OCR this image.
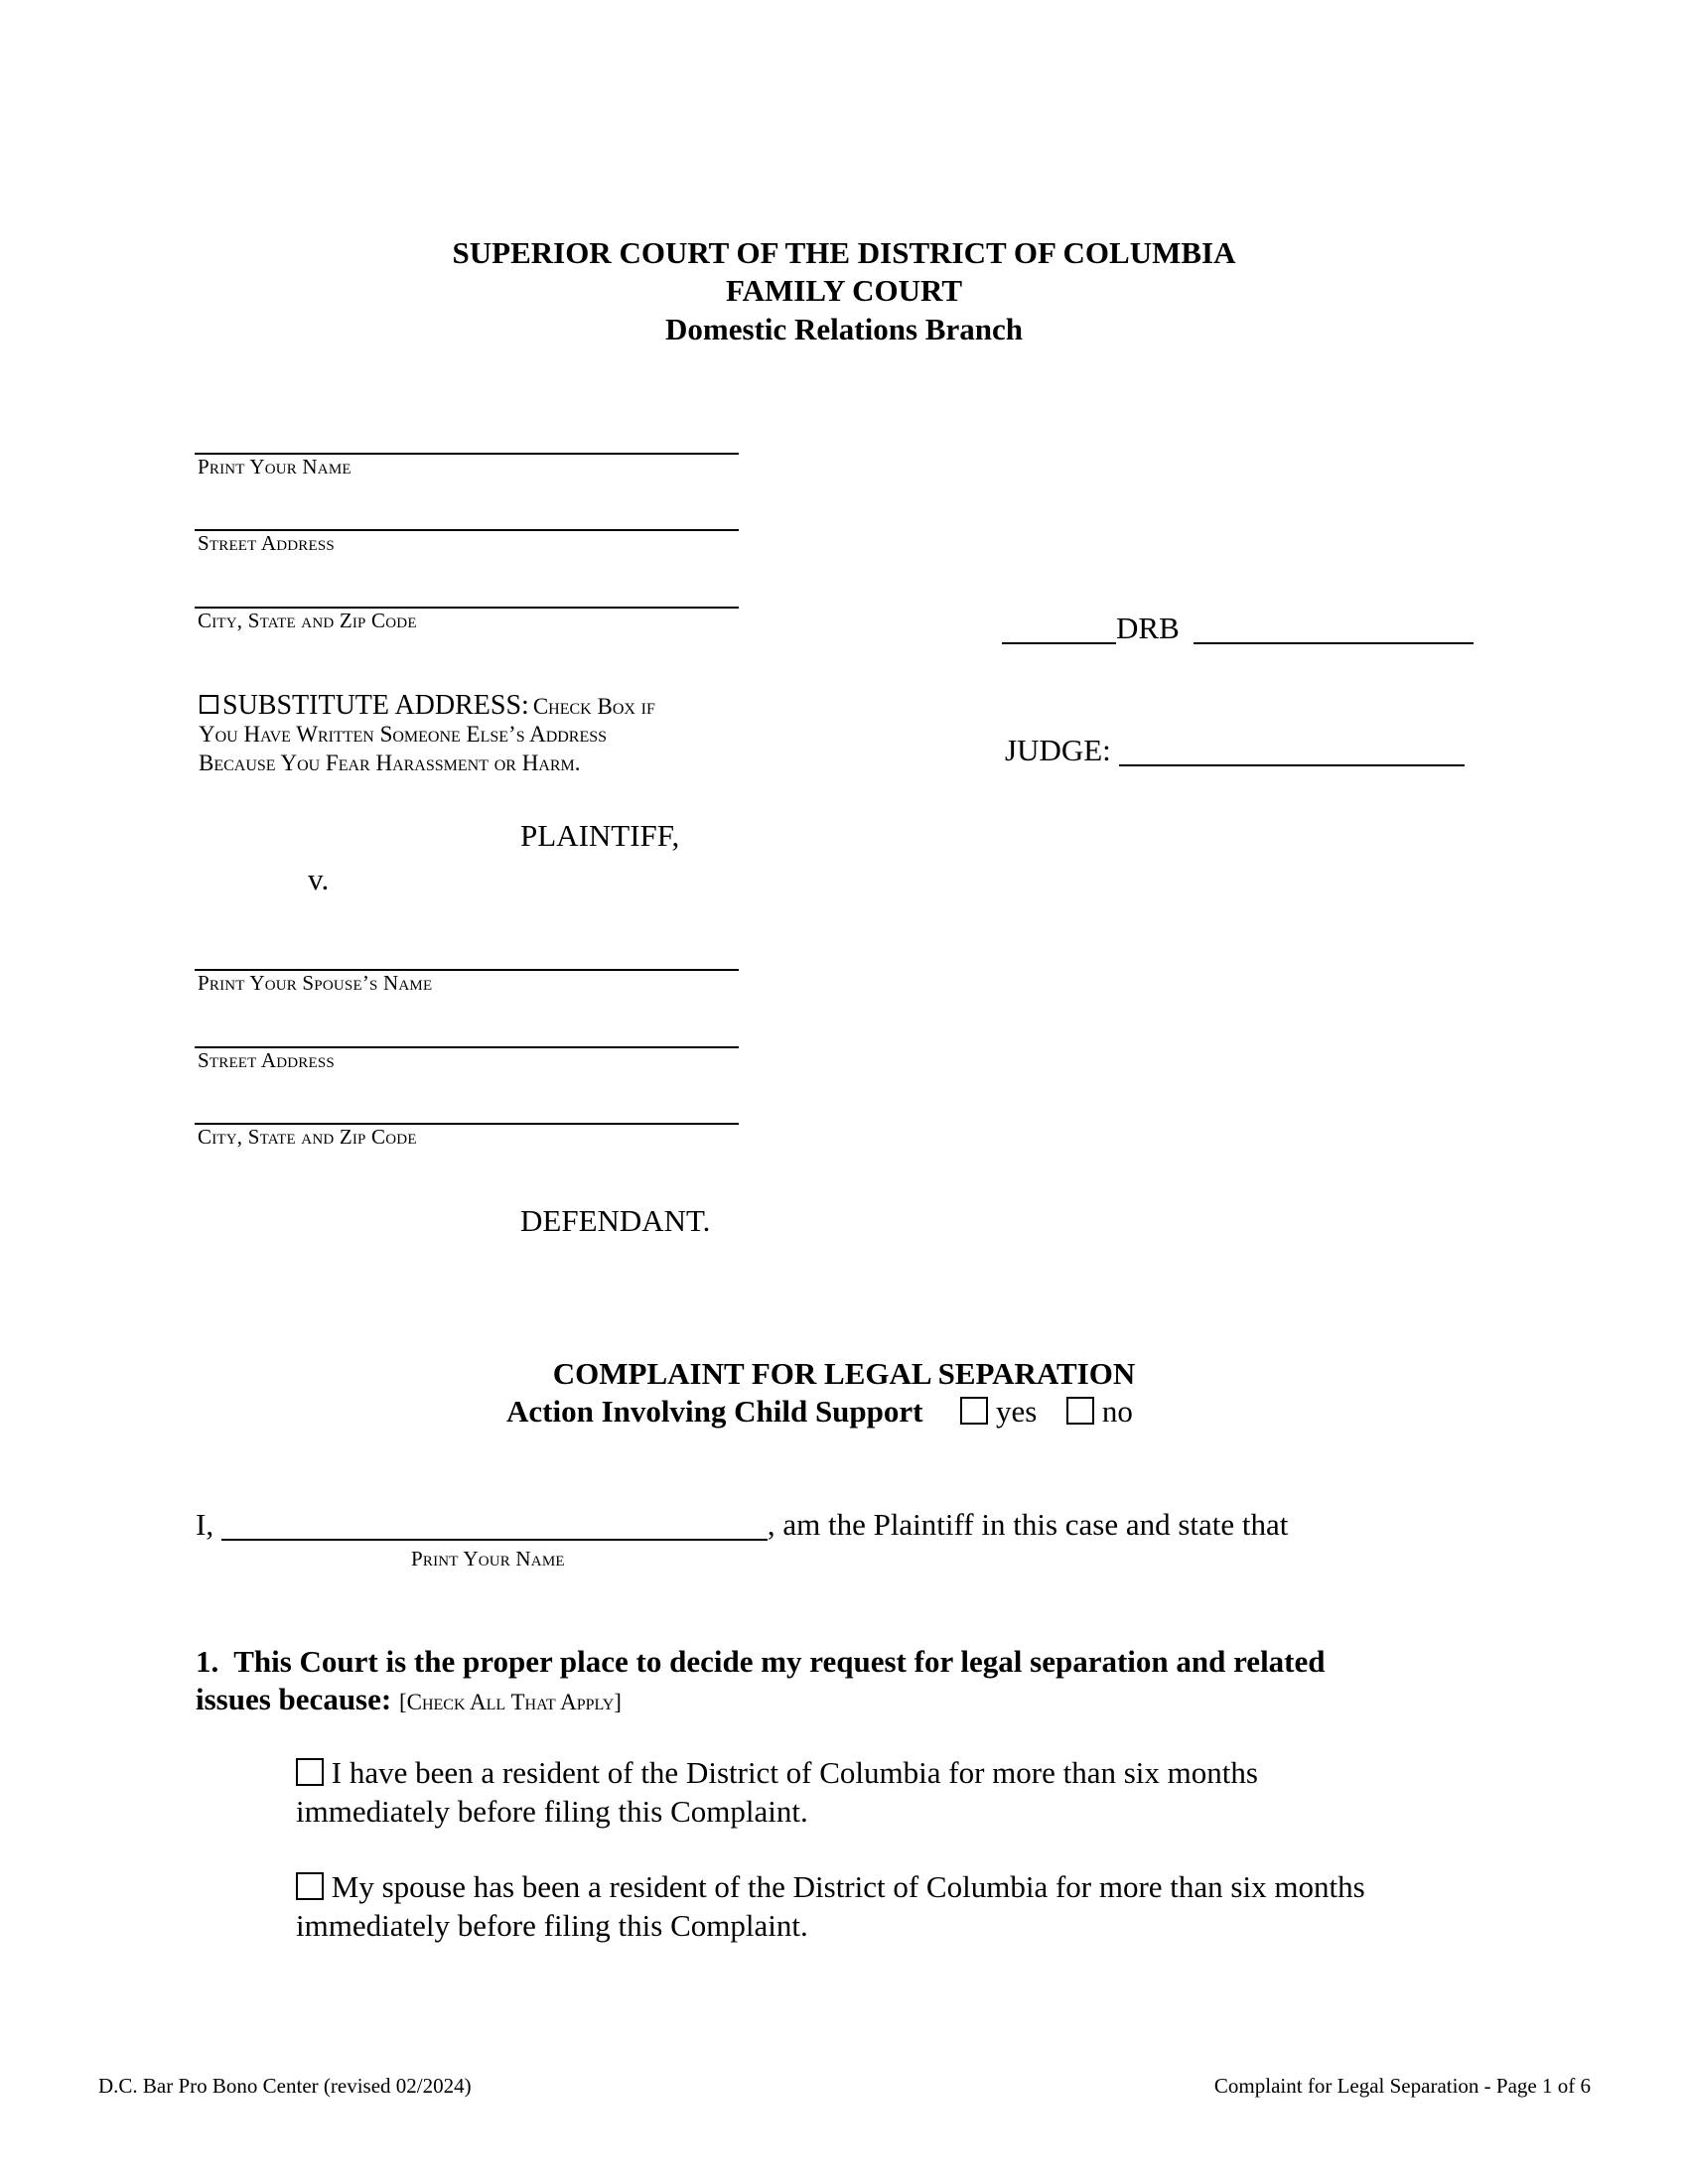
SUPERIOR COURT OF THE DISTRICT OF COLUMBIA
FAMILY COURT
Domestic Relations Branch
Print Your Name
Street Address
City, State and Zip Code
SUBSTITUTE ADDRESS: Check Box if
You Have Written Someone Else’s Address
Because You Fear Harassment or Harm.
PLAINTIFF,
v.
Print Your Spouse’s Name
Street Address
City, State and Zip Code
DEFENDANT.
DRB
JUDGE:
COMPLAINT FOR LEGAL SEPARATION
Action Involving Child Support yes no
I,	, am the Plaintiff in this case and state that
Print Your Name
1. This Court is the proper place to decide my request for legal separation and related
issues because: [Check All That Apply]
I have been a resident of the District of Columbia for more than six months
immediately before filing this Complaint.
My spouse has been a resident of the District of Columbia for more than six months
immediately before filing this Complaint.
D.C. Bar Pro Bono Center (revised 02/2024)	Complaint for Legal Separation - Page 1 of 6
